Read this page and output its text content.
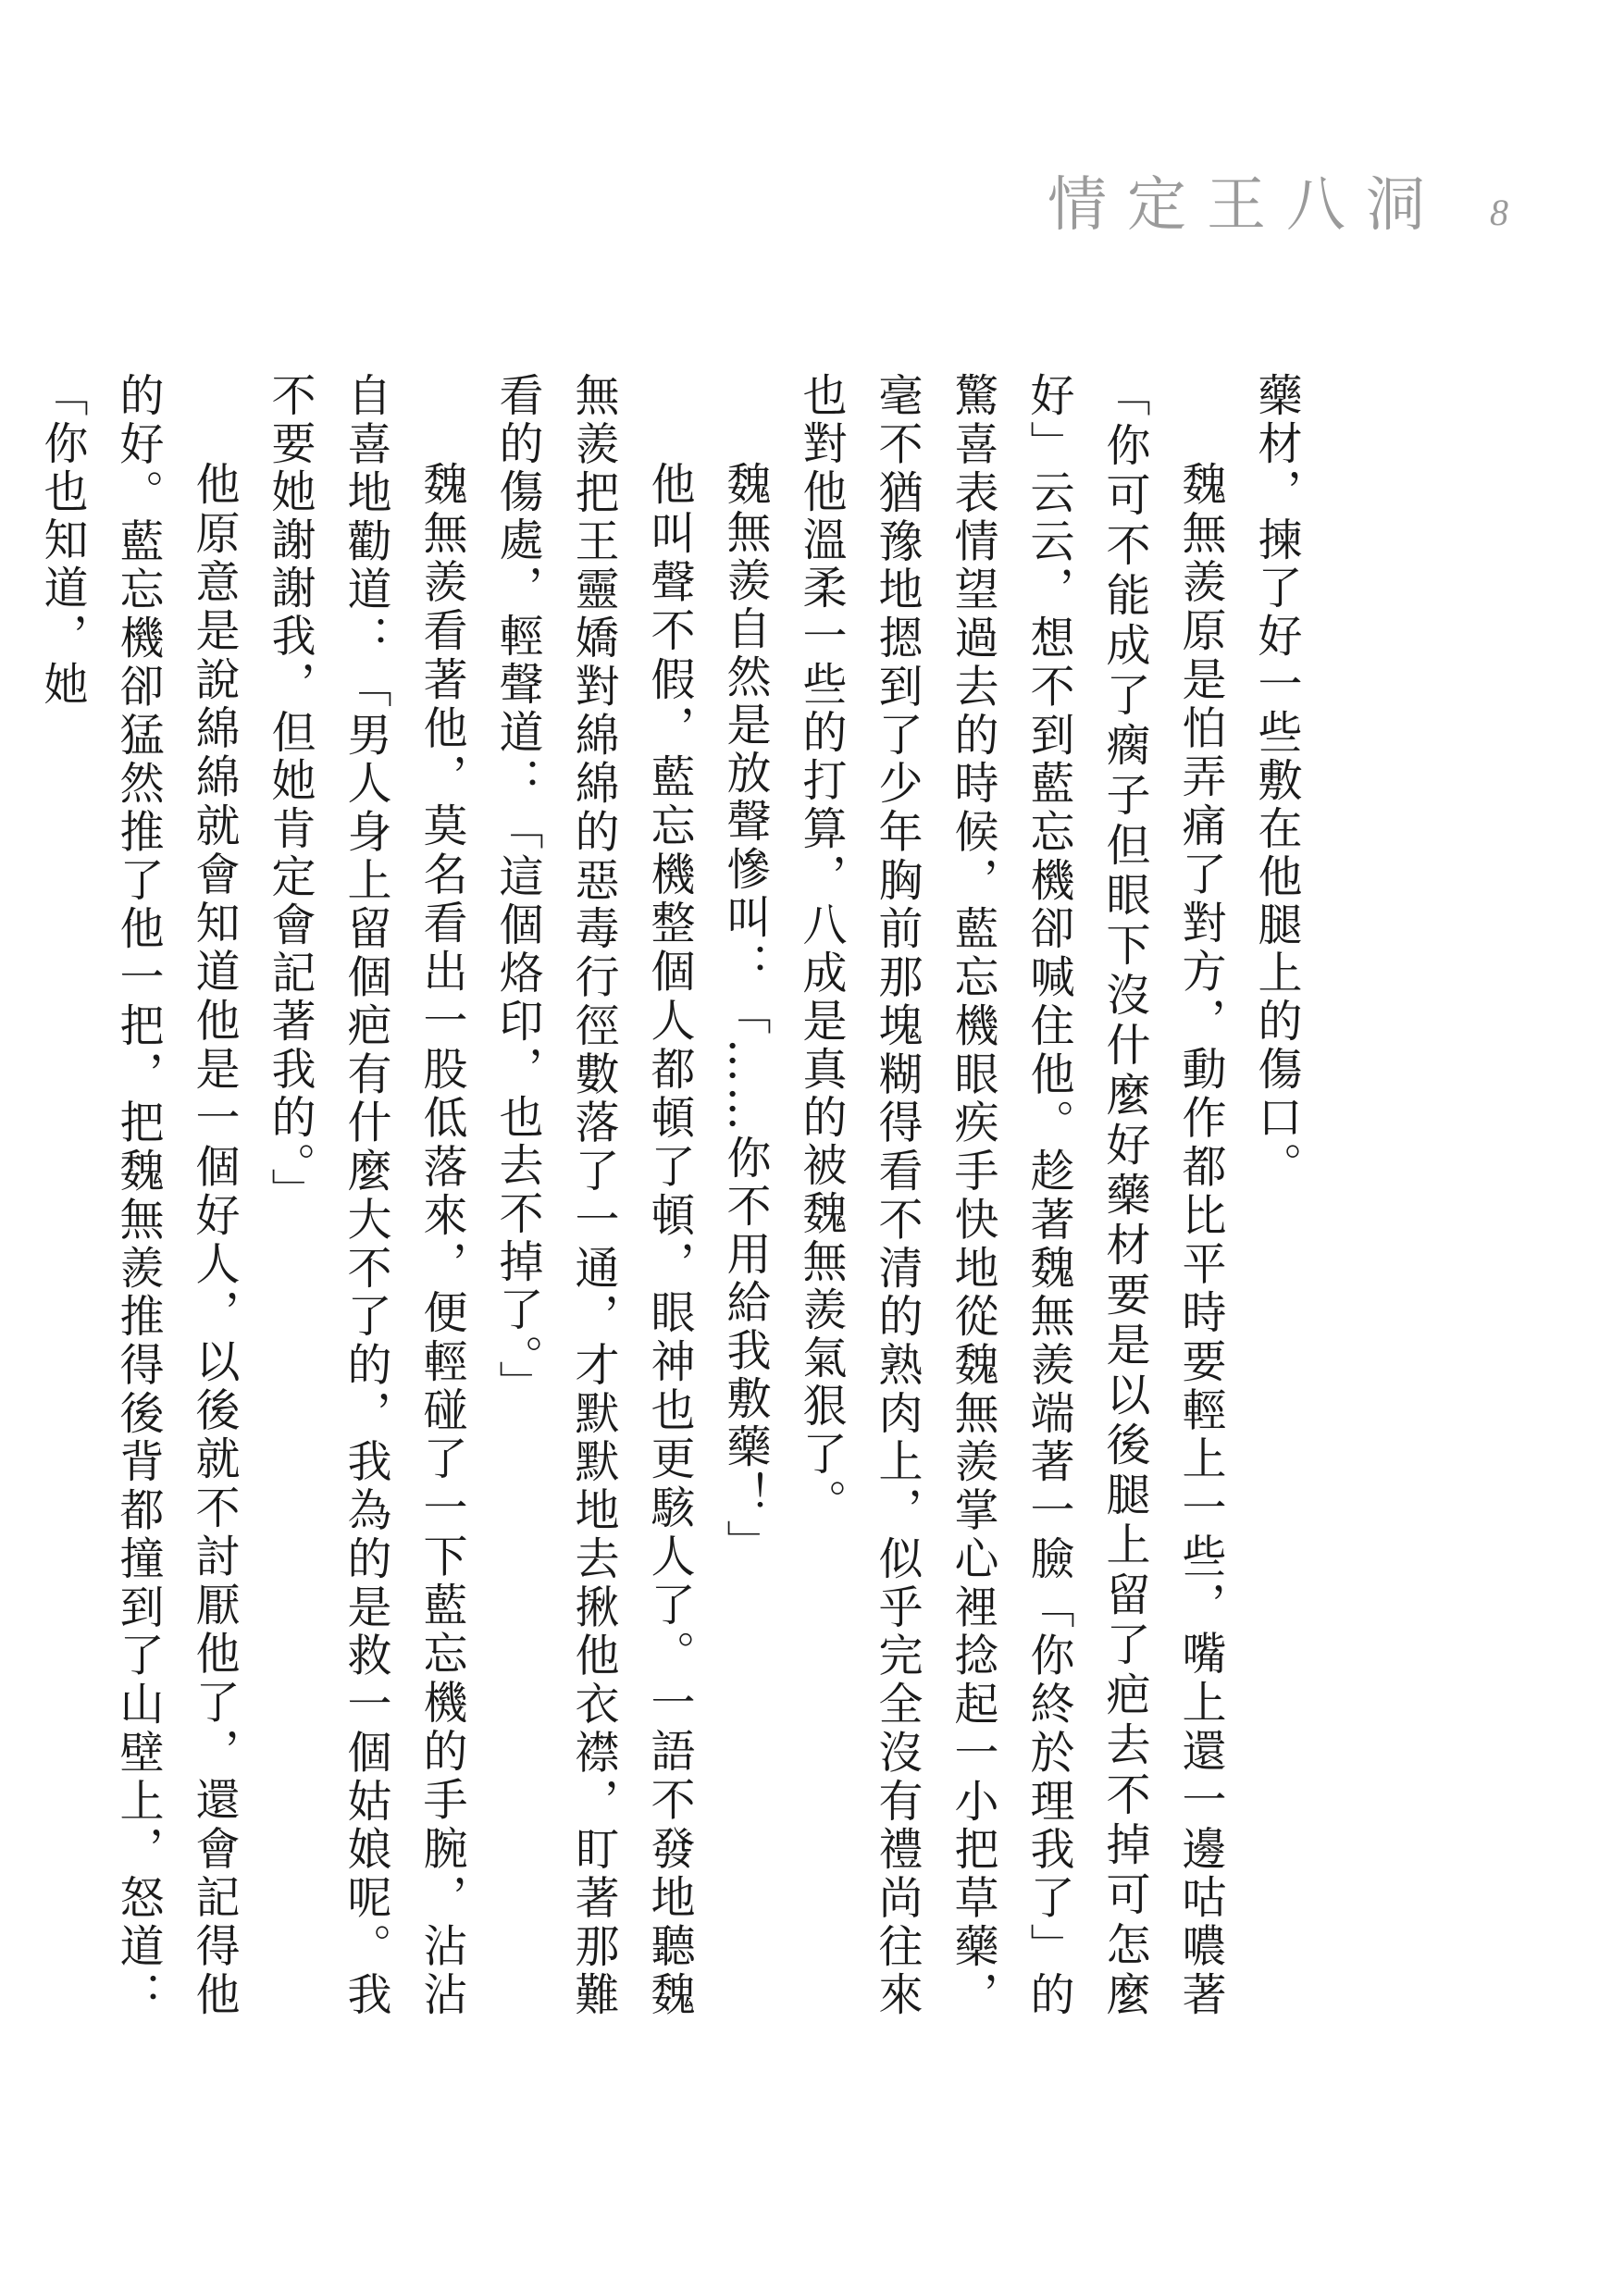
情定王八洞 8

藥材，揀了好一些敷在他腿上的傷口。

魏無羨原是怕弄痛了對方，動作都比平時要輕上一些，嘴上還一邊咕噥著「你可不能成了瘸子但眼下沒什麼好藥材要是以後腿上留了疤去不掉可怎麼好」云云，想不到藍忘機卻喊住他。趁著魏無羨端著一臉「你終於理我了」的驚喜表情望過去的時候，藍忘機眼疾手快地從魏無羨掌心裡捻起一小把草藥，毫不猶豫地摁到了少年胸前那塊糊得看不清的熟肉上，似乎完全沒有禮尚往來也對他溫柔一些的打算，八成是真的被魏無羨氣狠了。

魏無羨自然是放聲慘叫：「……你不用給我敷藥！」

他叫聲不假，藍忘機整個人都頓了頓，眼神也更駭人了。一語不發地聽魏無羨把王靈嬌對綿綿的惡毒行徑數落了一通，才默默地去揪他衣襟，盯著那難看的傷處，輕聲道：「這個烙印，也去不掉了。」

魏無羨看著他，莫名看出一股低落來，便輕碰了一下藍忘機的手腕，沾沾自喜地勸道：「男人身上留個疤有什麼大不了的，我為的是救一個姑娘呢。我不要她謝謝我，但她肯定會記著我的。」

他原意是說綿綿就會知道他是一個好人，以後就不討厭他了，還會記得他的好。藍忘機卻猛然推了他一把，把魏無羨推得後背都撞到了山壁上，怒道：「你也知道，她
